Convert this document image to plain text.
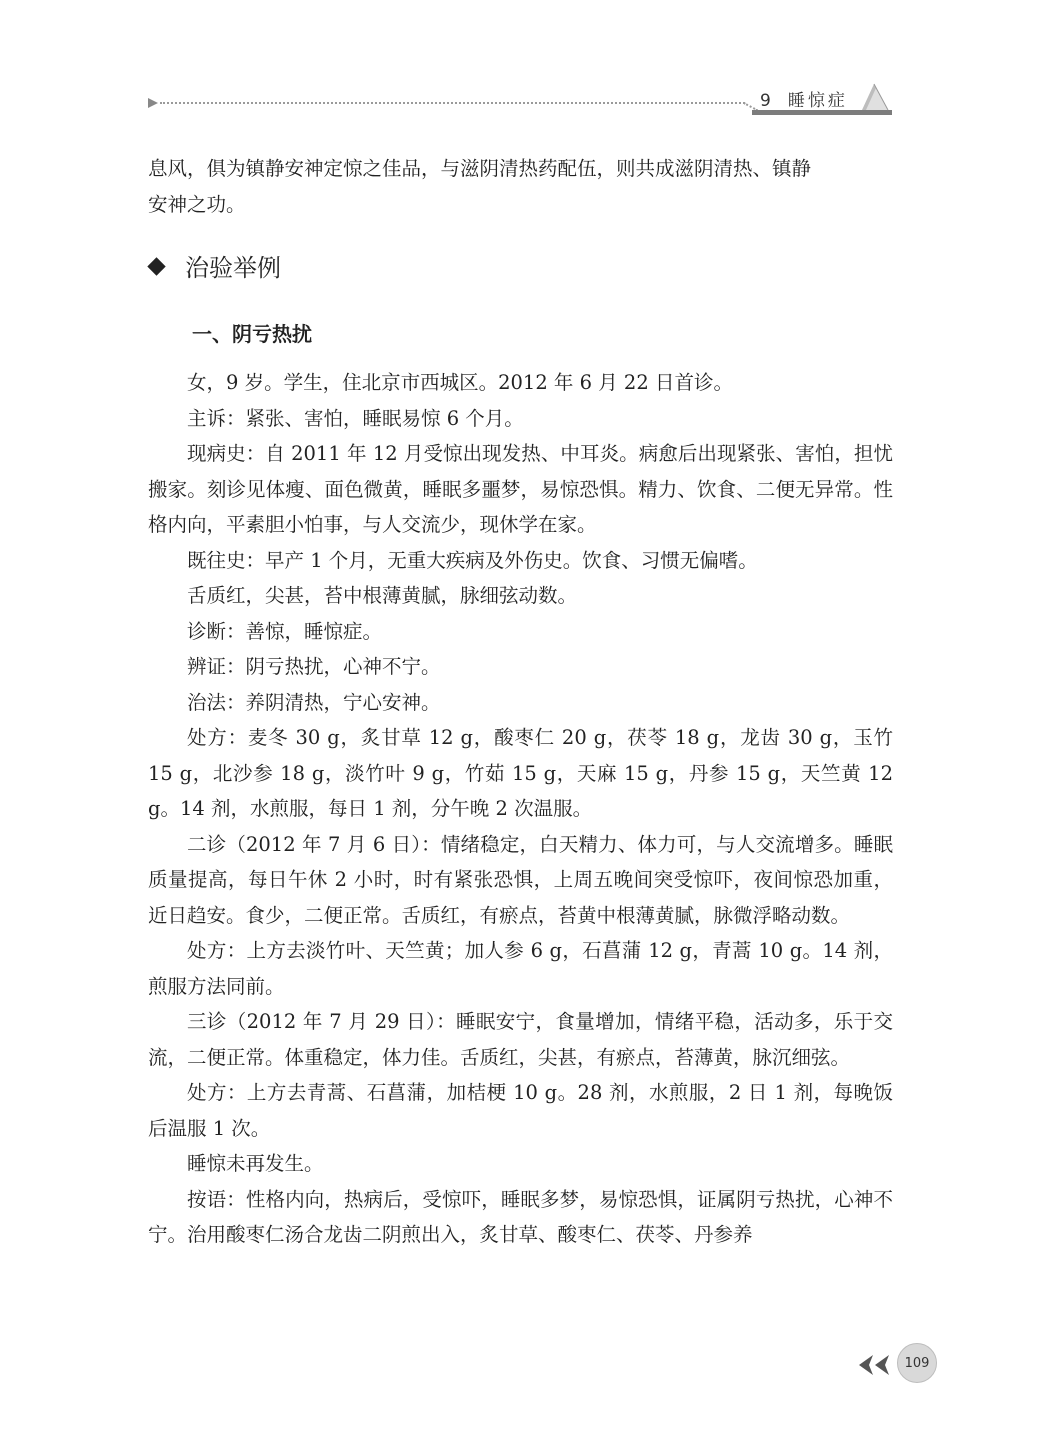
9 睡惊症

息风，俱为镇静安神定惊之佳品，与滋阴清热药配伍，则共成滋阴清热、镇静

安神之功。

治验举例
一、阴亏热扰

女，9 岁。学生，住北京市西城区。2012 年 6 月 22 日首诊。

主诉：紧张、害怕，睡眠易惊 6 个月。

现病史：自 2011 年 12 月受惊出现发热、中耳炎。病愈后出现紧张、害怕，担忧搬家。刻诊见体瘦、面色微黄，睡眠多噩梦，易惊恐惧。精力、饮食、二便无异常。性格内向，平素胆小怕事，与人交流少，现休学在家。

既往史：早产 1 个月，无重大疾病及外伤史。饮食、习惯无偏嗜。

舌质红，尖甚，苔中根薄黄腻，脉细弦动数。

诊断：善惊，睡惊症。

辨证：阴亏热扰，心神不宁。

治法：养阴清热，宁心安神。

处方：麦冬 30 g，炙甘草 12 g，酸枣仁 20 g，茯苓 18 g，龙齿 30 g，玉竹 15 g，北沙参 18 g，淡竹叶 9 g，竹茹 15 g，天麻 15 g，丹参 15 g，天竺黄 12 g。14 剂，水煎服，每日 1 剂，分午晚 2 次温服。

二诊（2012 年 7 月 6 日）：情绪稳定，白天精力、体力可，与人交流增多。睡眠质量提高，每日午休 2 小时，时有紧张恐惧，上周五晚间突受惊吓，夜间惊恐加重，近日趋安。食少，二便正常。舌质红，有瘀点，苔黄中根薄黄腻，脉微浮略动数。

处方：上方去淡竹叶、天竺黄；加人参 6 g，石菖蒲 12 g，青蒿 10 g。14 剂，煎服方法同前。

三诊（2012 年 7 月 29 日）：睡眠安宁，食量增加，情绪平稳，活动多，乐于交流，二便正常。体重稳定，体力佳。舌质红，尖甚，有瘀点，苔薄黄，脉沉细弦。

处方：上方去青蒿、石菖蒲，加桔梗 10 g。28 剂，水煎服，2 日 1 剂，每晚饭后温服 1 次。

睡惊未再发生。

按语：性格内向，热病后，受惊吓，睡眠多梦，易惊恐惧，证属阴亏热扰，心神不宁。治用酸枣仁汤合龙齿二阴煎出入，炙甘草、酸枣仁、茯苓、丹参养

109
